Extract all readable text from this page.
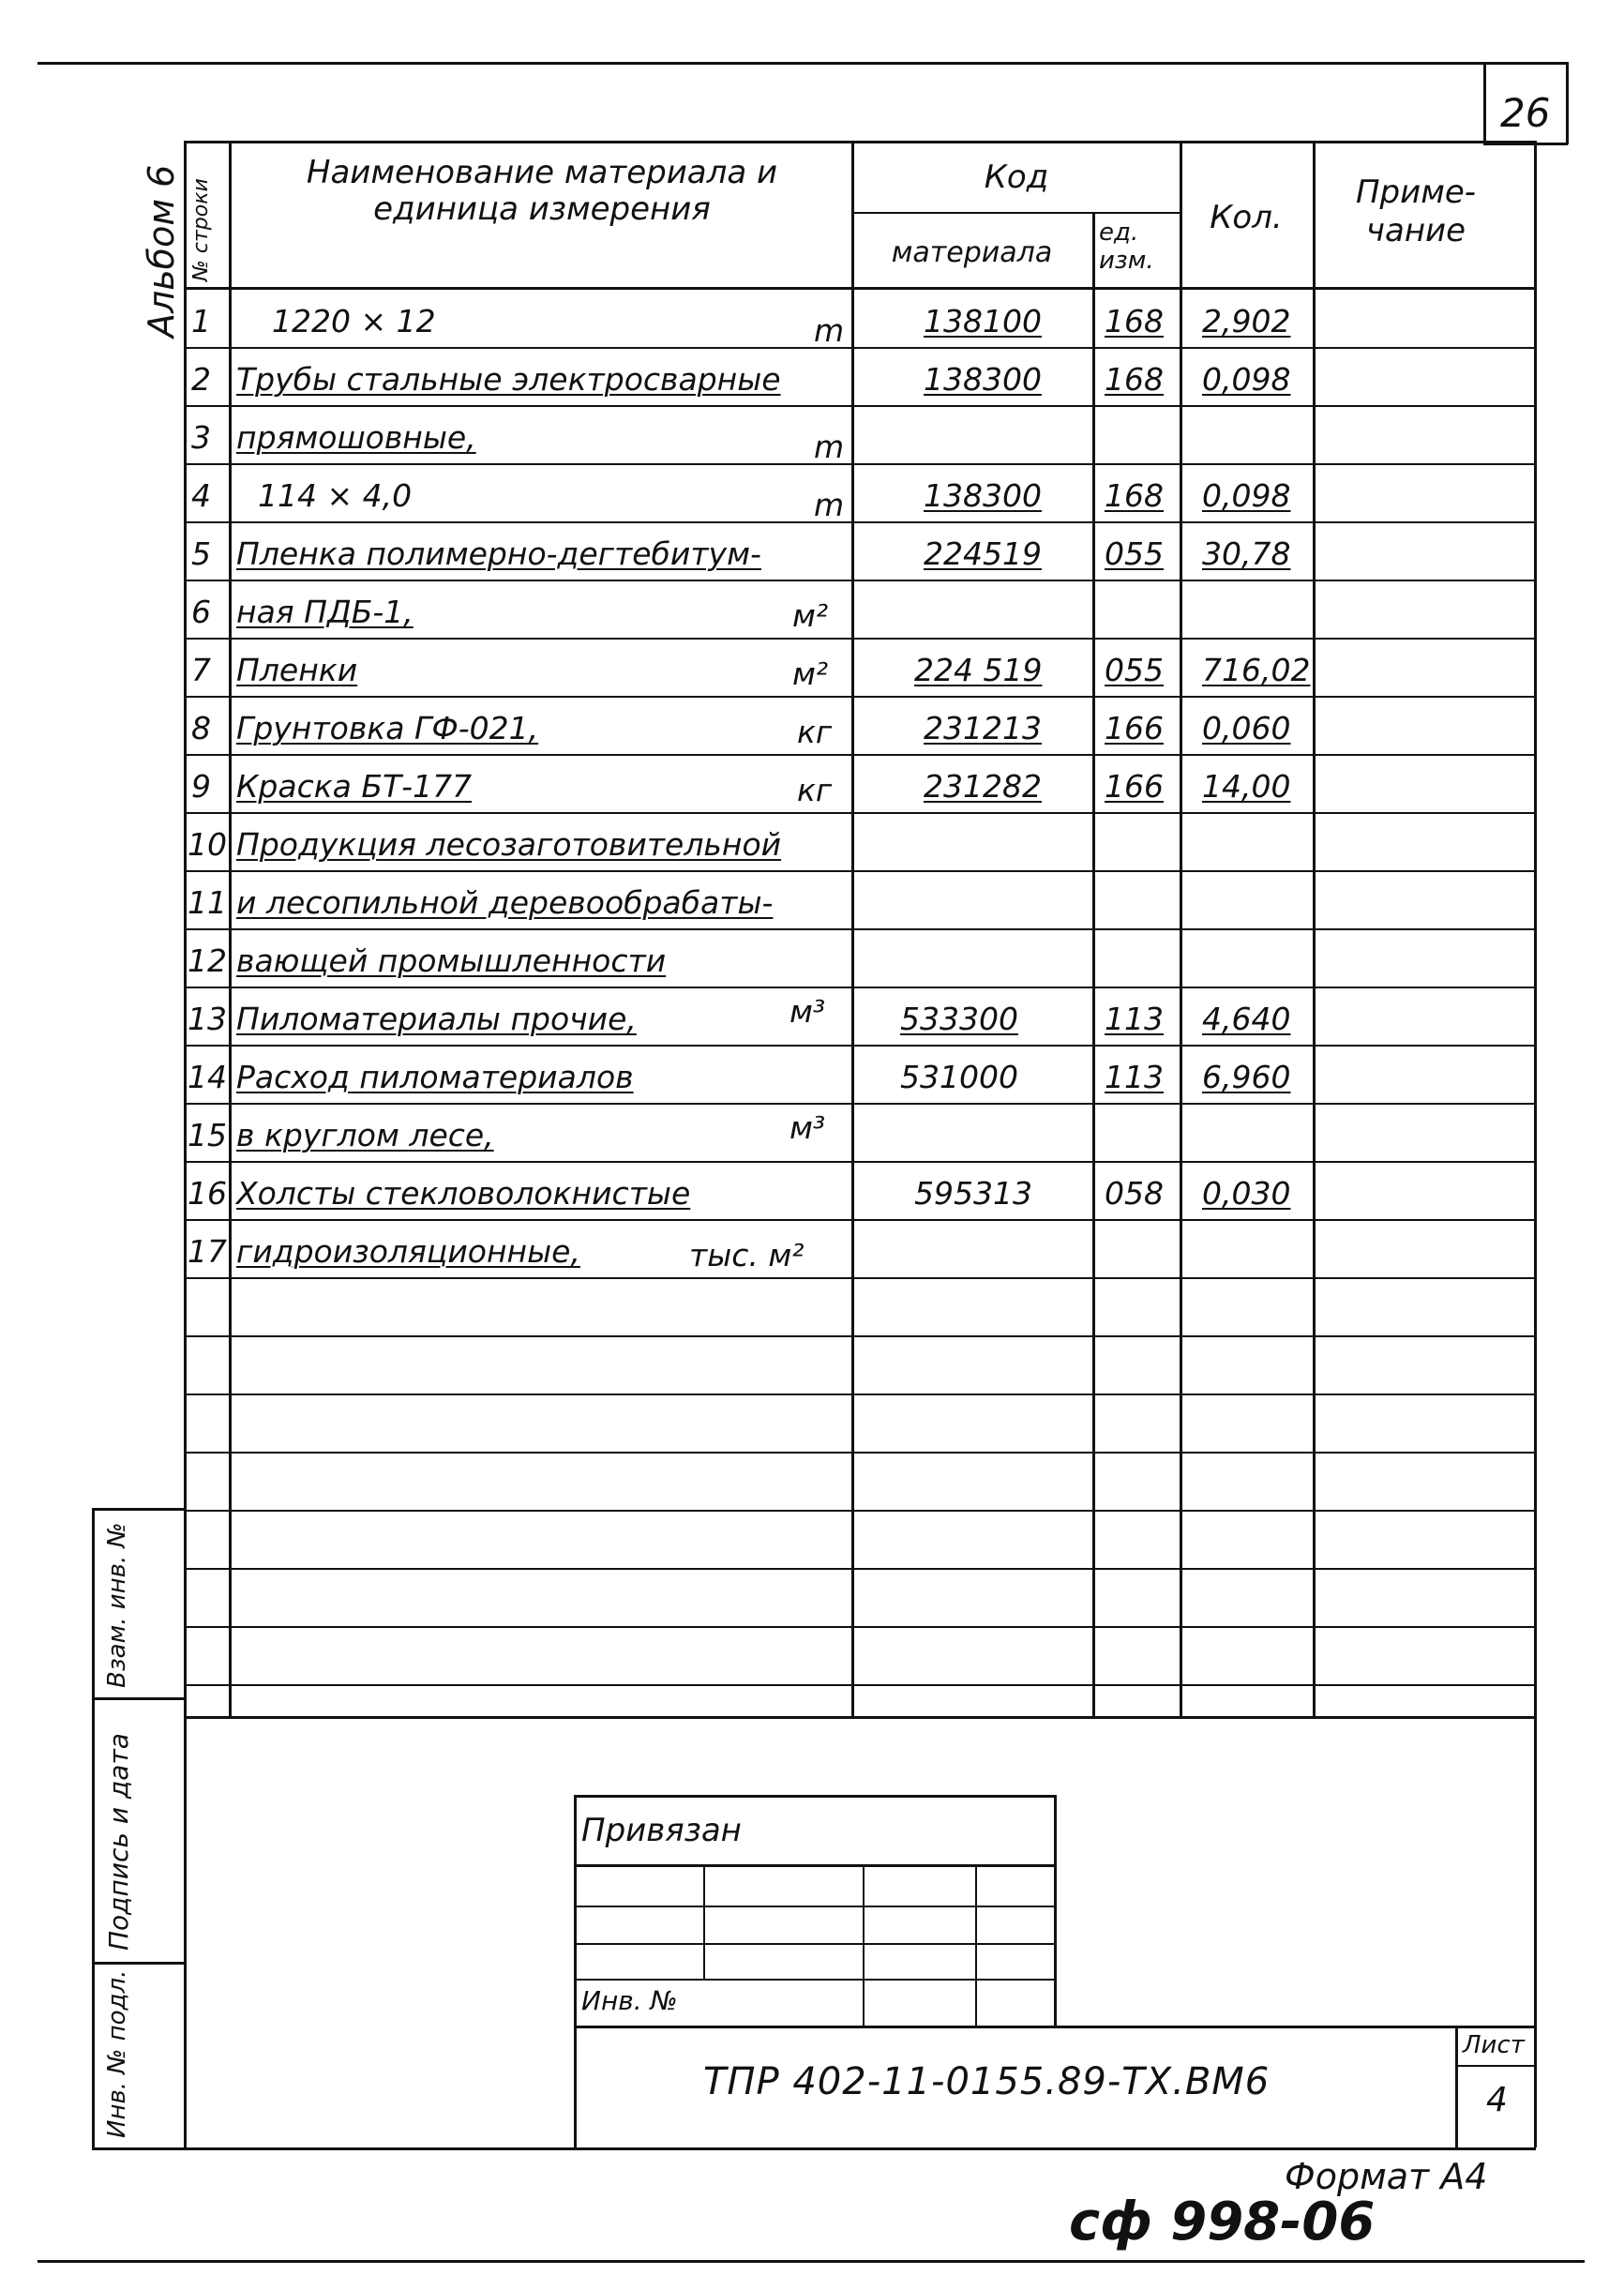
26
Альбом 6 № строки
Наименование материала и единица измерения
Код
материала
ед. изм.
Кол.
Приме-чание
1 1220 × 12	m	138100 168 2,902
2 Трубы стальные электросварные	138300 168 0,098
3 прямошовные,	m
4 114 × 4,0	m	138300 168 0,098
5 Пленка полимерно-дегтебитум-	224519 055 30,78
6 ная ПДБ-1,	м²
7 Пленки	м²	224 519 055 716,02
8 Грунтовка ГФ-021,	кг	231213 166 0,060
9 Краска БТ-177	кг	231282 166 14,00
10 Продукция лесозаготовительной
11 и лесопильной деревообрабаты-
12 вающей промышленности
13 Пиломатериалы прочие,	м³ 533300	113 4,640
14 Расход пиломатериалов	531000	113 6,960
15 в круглом лесе,	м³
16 Холсты стекловолокнистые	595313 058 0,030
17 гидроизоляционные,	тыс. м²
Взам. инв. №
Подпись и дата
Инв. № подл.
Привязан
Инв. №
ТПР 402-11-0155.89-ТХ.ВМ6
Лист
4
Формат А4
сф 998-06
